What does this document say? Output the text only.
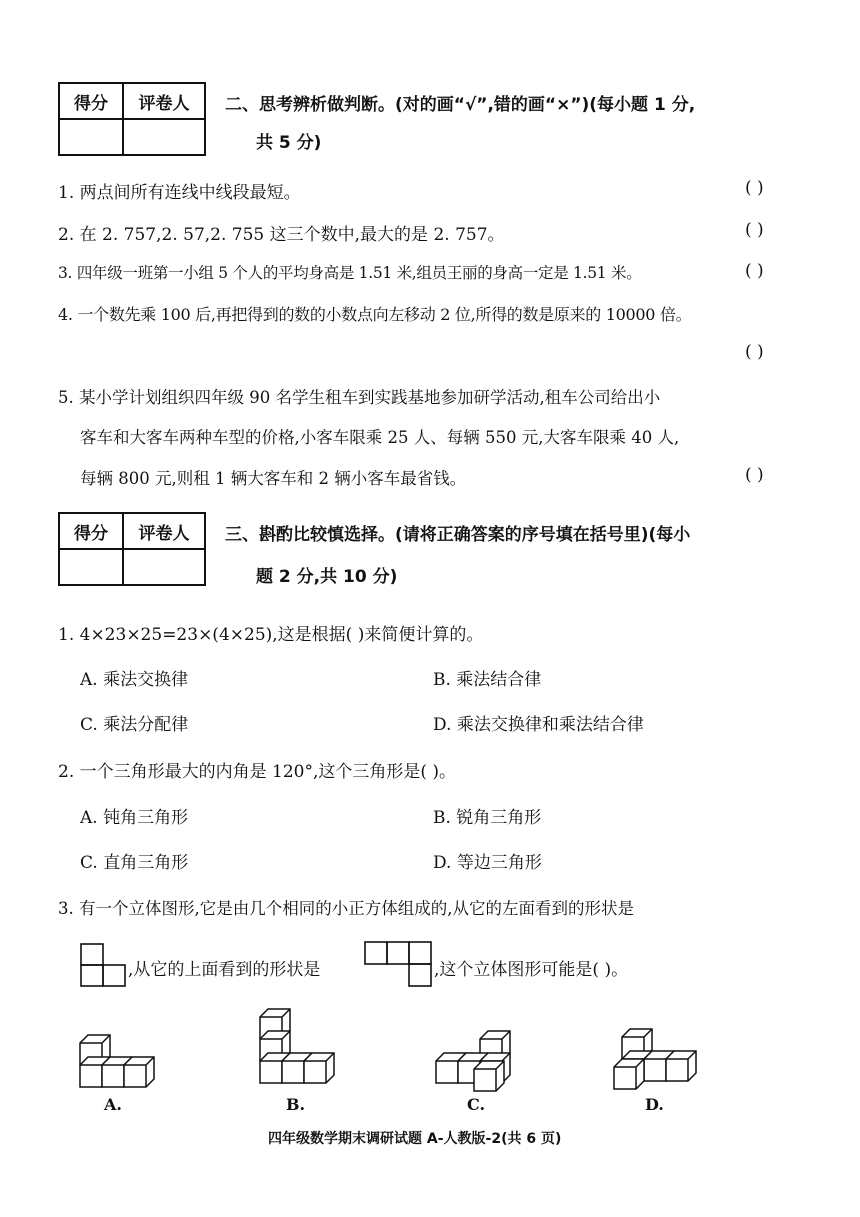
得分	评卷人
	二、思考辨析做判断。(对的画“√”,错的画“×”)(每小题 1 分,
共 5 分)
1. 两点间所有连线中线段最短。	( )
2. 在 2. 757,2. 57,2. 755 这三个数中,最大的是 2. 757。	( )
3. 四年级一班第一小组 5 个人的平均身高是 1.51 米,组员王丽的身高一定是 1.51 米。	( )
4. 一个数先乘 100 后,再把得到的数的小数点向左移动 2 位,所得的数是原来的 10000 倍。
( )
5. 某小学计划组织四年级 90 名学生租车到实践基地参加研学活动,租车公司给出小
客车和大客车两种车型的价格,小客车限乘 25 人、每辆 550 元,大客车限乘 40 人,
每辆 800 元,则租 1 辆大客车和 2 辆小客车最省钱。	( )
得分	评卷人
	三、斟酌比较慎选择。(请将正确答案的序号填在括号里)(每小
题 2 分,共 10 分)
1. 4×23×25=23×(4×25),这是根据( )来简便计算的。
A. 乘法交换律	B. 乘法结合律
C. 乘法分配律	D. 乘法交换律和乘法结合律
2. 一个三角形最大的内角是 120°,这个三角形是( )。
A. 钝角三角形	B. 锐角三角形
C. 直角三角形	D. 等边三角形
3. 有一个立体图形,它是由几个相同的小正方体组成的,从它的左面看到的形状是
,从它的上面看到的形状是	,这个立体图形可能是( )。
A.	B.	C.	D.
四年级数学期末调研试题 A-人教版-2(共 6 页)
